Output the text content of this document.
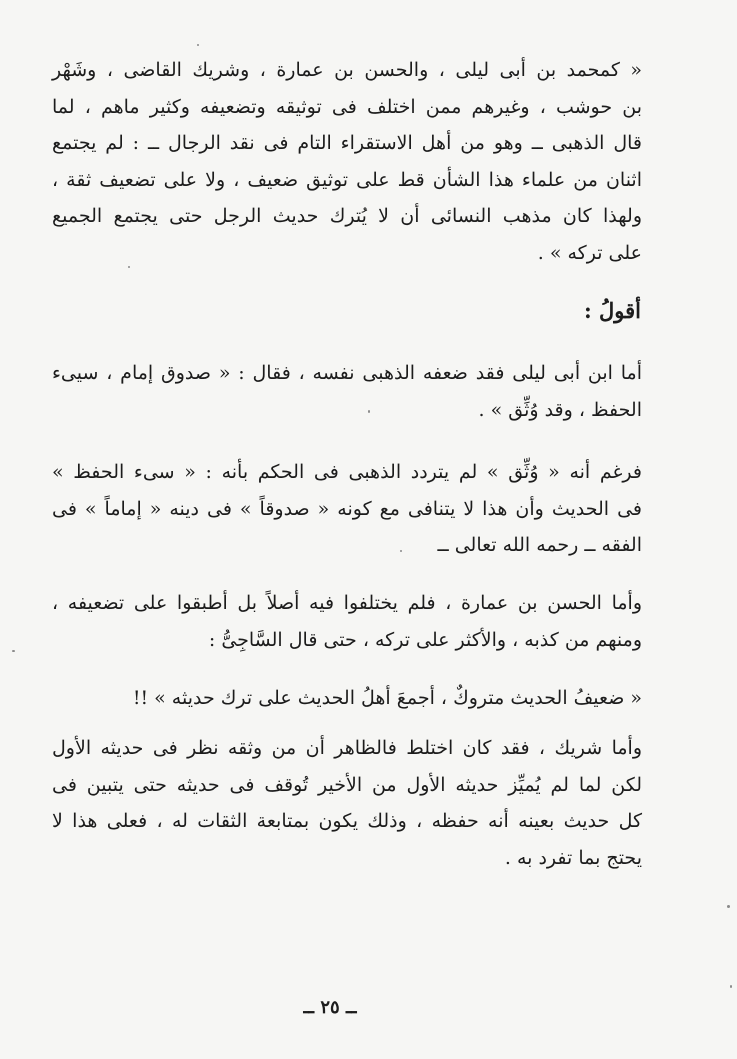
« كمحمد بن أبى ليلى ، والحسن بن عمارة ، وشريك القاضى ، وشَهْر
بن حوشب ، وغيرهم ممن اختلف فى توثيقه وتضعيفه وكثير ماهم ، لما
قال الذهبى ــ وهو من أهل الاستقراء التام فى نقد الرجال ــ : لم يجتمع
اثنان من علماء هذا الشأن قط على توثيق ضعيف ، ولا على تضعيف ثقة ،
ولهذا كان مذهب النسائى أن لا يُترك حديث الرجل حتى يجتمع الجميع
على تركه » .
أقولُ :
أما ابن أبى ليلى فقد ضعفه الذهبى نفسه ، فقال : « صدوق إمام ، سيىء
الحفظ ، وقد وُثِّق » .
فرغم أنه « وُثِّق » لم يتردد الذهبى فى الحكم بأنه : « سىء الحفظ »
فى الحديث وأن هذا لا يتنافى مع كونه « صدوقاً » فى دينه « إماماً » فى
الفقه ــ رحمه الله تعالى ــ
وأما الحسن بن عمارة ، فلم يختلفوا فيه أصلاً بل أطبقوا على تضعيفه ،
ومنهم من كذبه ، والأكثر على تركه ، حتى قال السَّاجِىُّ :
« ضعيفُ الحديث متروكٌ ، أجمعَ أهلُ الحديث على ترك حديثه » !!
وأما شريك ، فقد كان اختلط فالظاهر أن من وثقه نظر فى حديثه الأول
لكن لما لم يُميِّز حديثه الأول من الأخير تُوقف فى حديثه حتى يتبين فى
كل حديث بعينه أنه حفظه ، وذلك يكون بمتابعة الثقات له ، فعلى هذا لا
يحتج بما تفرد به .
ــ ٢٥ ــ
